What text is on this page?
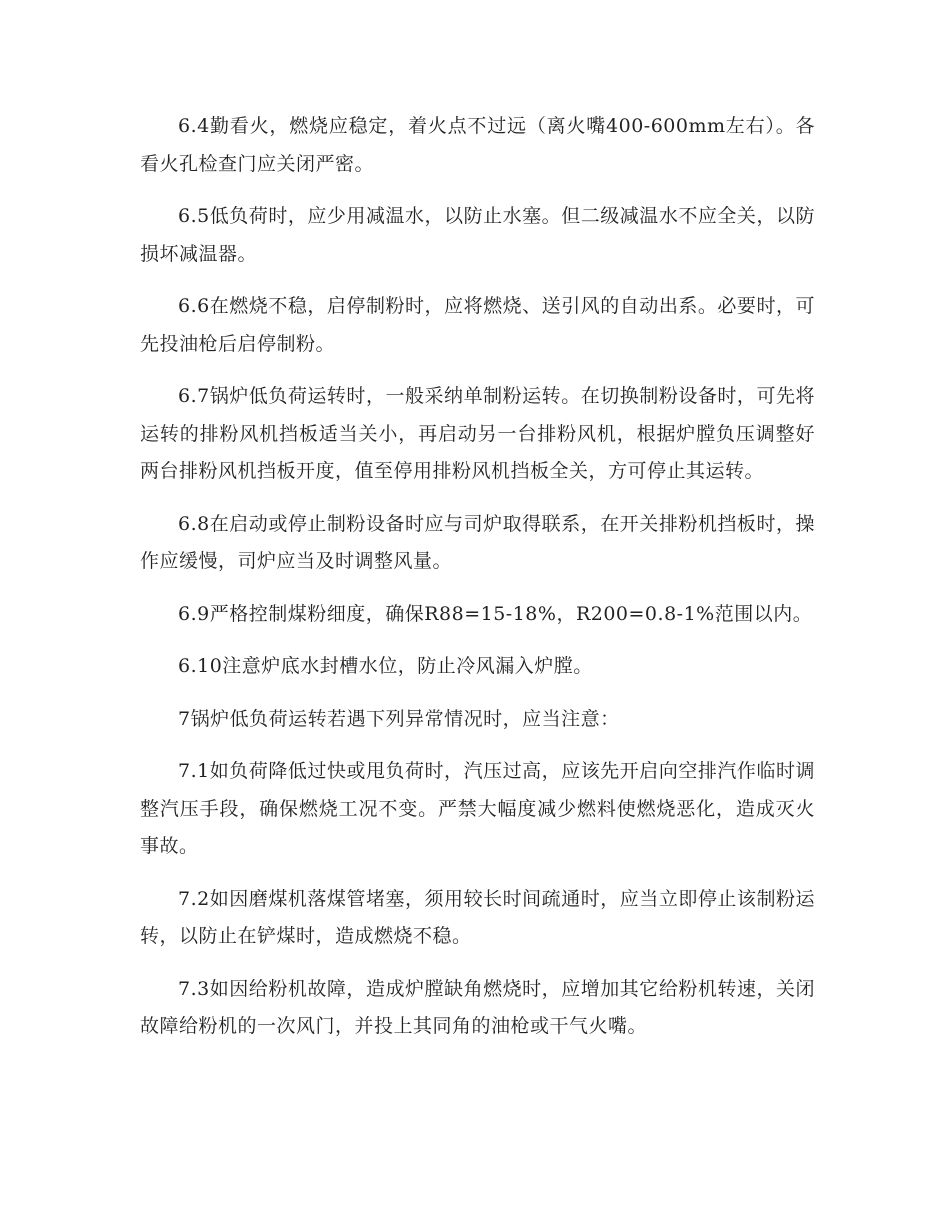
6.4勤看火，燃烧应稳定，着火点不过远（离火嘴400-600mm左右）。各看火孔检查门应关闭严密。

6.5低负荷时，应少用减温水，以防止水塞。但二级减温水不应全关，以防损坏减温器。

6.6在燃烧不稳，启停制粉时，应将燃烧、送引风的自动出系。必要时，可先投油枪后启停制粉。

6.7锅炉低负荷运转时，一般采纳单制粉运转。在切换制粉设备时，可先将运转的排粉风机挡板适当关小，再启动另一台排粉风机，根据炉膛负压调整好两台排粉风机挡板开度，值至停用排粉风机挡板全关，方可停止其运转。

6.8在启动或停止制粉设备时应与司炉取得联系，在开关排粉机挡板时，操作应缓慢，司炉应当及时调整风量。

6.9严格控制煤粉细度，确保R88=15-18%，R200=0.8-1%范围以内。

6.10注意炉底水封槽水位，防止冷风漏入炉膛。

7锅炉低负荷运转若遇下列异常情况时，应当注意：

7.1如负荷降低过快或甩负荷时，汽压过高，应该先开启向空排汽作临时调整汽压手段，确保燃烧工况不变。严禁大幅度减少燃料使燃烧恶化，造成灭火事故。

7.2如因磨煤机落煤管堵塞，须用较长时间疏通时，应当立即停止该制粉运转，以防止在铲煤时，造成燃烧不稳。

7.3如因给粉机故障，造成炉膛缺角燃烧时，应增加其它给粉机转速，关闭故障给粉机的一次风门，并投上其同角的油枪或干气火嘴。
